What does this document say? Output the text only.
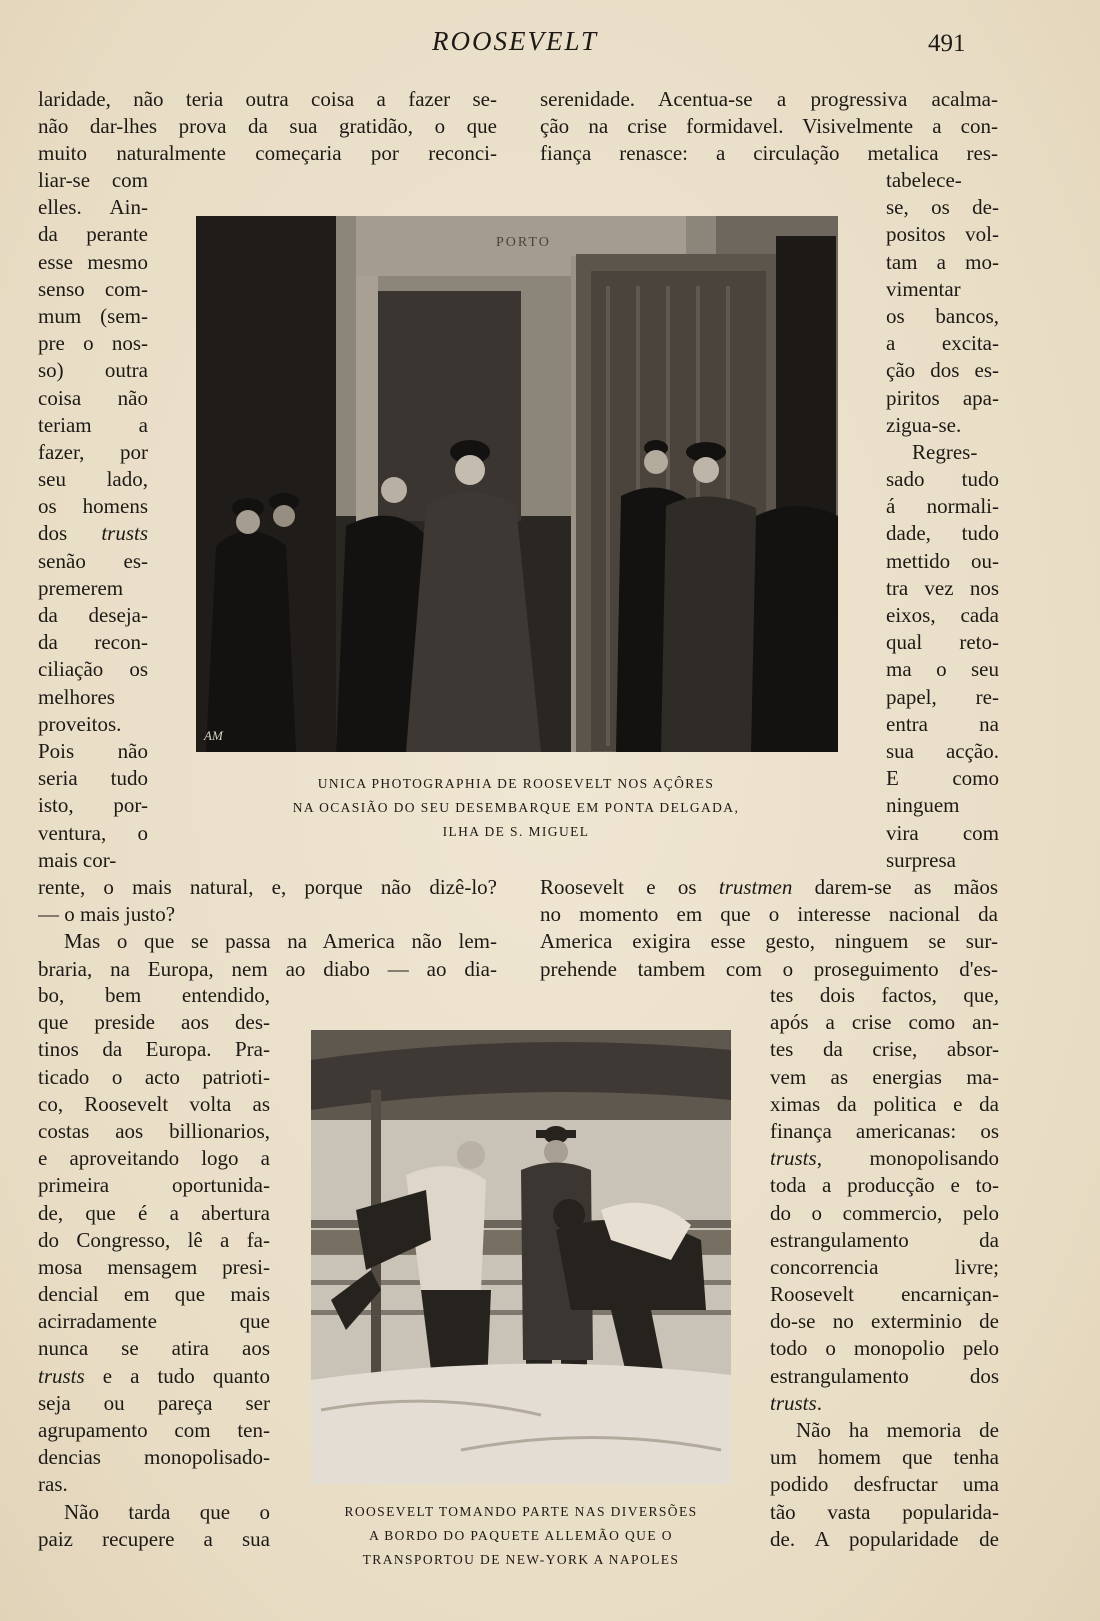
ROOSEVELT	491
laridade, não teria outra coisa a fazer se-
não dar-lhes prova da sua gratidão, o que
muito naturalmente começaria por reconci-
liar-se com
elles. Ain-
da perante
esse mesmo
senso com-
mum (sem-
pre o nos-
so) outra
coisa não
teriam a
fazer, por
seu lado,
os homens
dos trusts
senão es-
premerem
da deseja-
da recon-
ciliação os
melhores
proveitos.
Pois não
seria tudo
isto, por-
ventura, o
mais cor-
rente, o mais natural, e, porque não dizê-lo?
— o mais justo?
Mas o que se passa na America não lem-
braria, na Europa, nem ao diabo — ao dia-
bo, bem entendido,
que preside aos des-
tinos da Europa. Pra-
ticado o acto patrioti-
co, Roosevelt volta as
costas aos billionarios,
e aproveitando logo a
primeira oportunida-
de, que é a abertura
do Congresso, lê a fa-
mosa mensagem presi-
dencial em que mais
acirradamente que
nunca se atira aos
trusts e a tudo quanto
seja ou pareça ser
agrupamento com ten-
dencias monopolisado-
ras.
Não tarda que o
paiz recupere a sua
serenidade. Acentua-se a progressiva acalma-
ção na crise formidavel. Visivelmente a con-
fiança renasce: a circulação metalica res-
tabelece-
se, os de-
positos vol-
tam a mo-
vimentar
os bancos,
a excita-
ção dos es-
piritos apa-
zigua-se.
Regres-
sado tudo
á normali-
dade, tudo
mettido ou-
tra vez nos
eixos, cada
qual reto-
ma o seu
papel, re-
entra na
sua acção.
E como
ninguem
vira com
surpresa
Roosevelt e os trustmen darem-se as mãos
no momento em que o interesse nacional da
America exigira esse gesto, ninguem se sur-
prehende tambem com o proseguimento d'es-
tes dois factos, que,
após a crise como an-
tes da crise, absor-
vem as energias ma-
ximas da politica e da
finança americanas: os
trusts, monopolisando
toda a producção e to-
do o commercio, pelo
estrangulamento da
concorrencia livre;
Roosevelt encarniçan-
do-se no exterminio de
todo o monopolio pelo
estrangulamento dos
trusts.
Não ha memoria de
um homem que tenha
podido desfructar uma
tão vasta popularida-
de. A popularidade de
PORTO
AM
UNICA PHOTOGRAPHIA DE ROOSEVELT NOS AÇÔRES
NA OCASIÃO DO SEU DESEMBARQUE EM PONTA DELGADA,
ILHA DE S. MIGUEL
ROOSEVELT TOMANDO PARTE NAS DIVERSÕES
A BORDO DO PAQUETE ALLEMÃO QUE O
TRANSPORTOU DE NEW-YORK A NAPOLES
